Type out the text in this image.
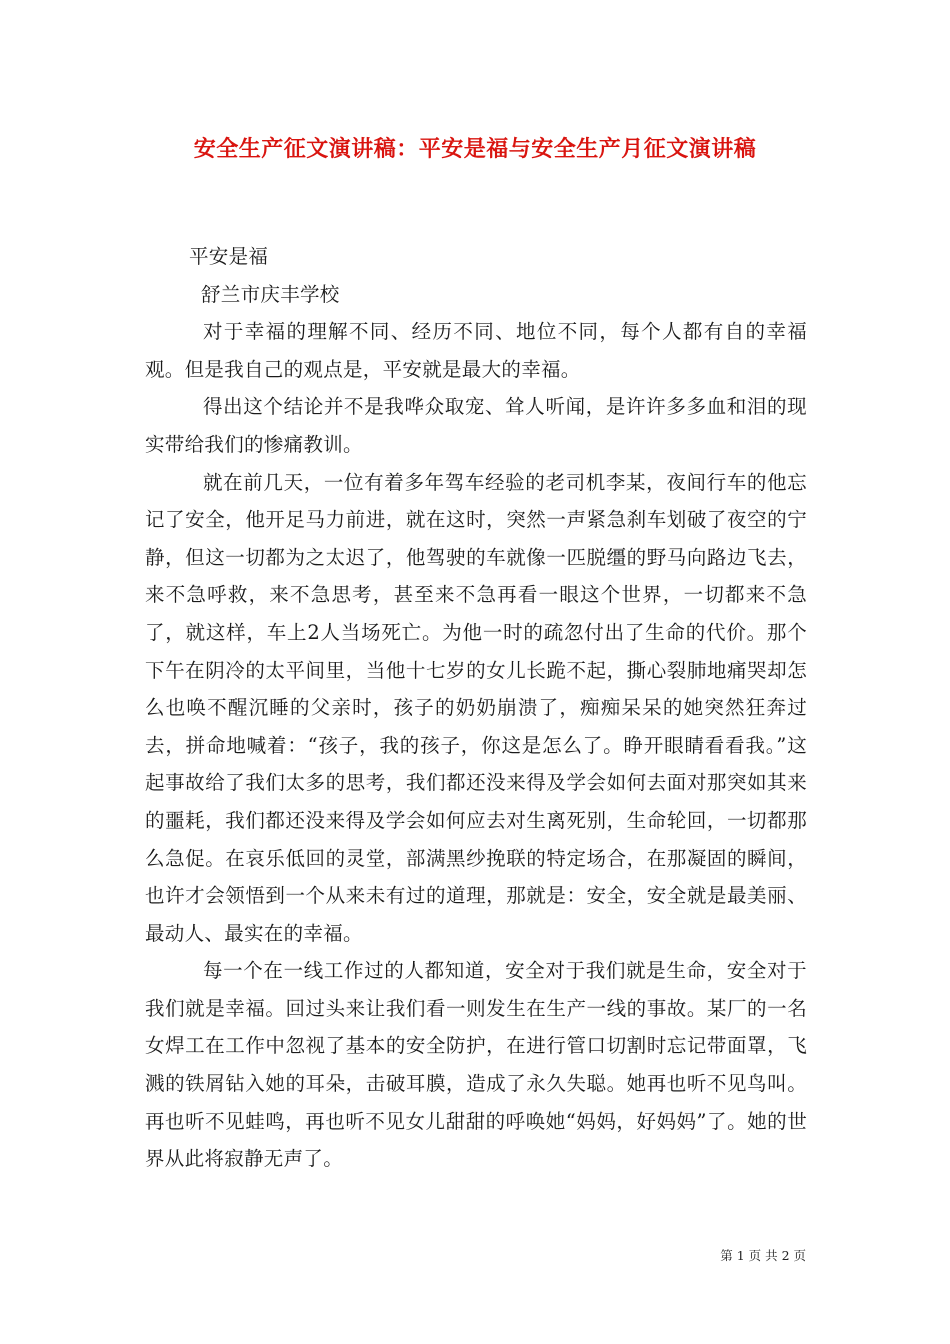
安全生产征文演讲稿：平安是福与安全生产月征文演讲稿

平安是福

舒兰市庆丰学校

对于幸福的理解不同、经历不同、地位不同，每个人都有自的幸福观。但是我自己的观点是，平安就是最大的幸福。

得出这个结论并不是我哗众取宠、耸人听闻，是许许多多血和泪的现实带给我们的惨痛教训。

就在前几天，一位有着多年驾车经验的老司机李某，夜间行车的他忘记了安全，他开足马力前进，就在这时，突然一声紧急刹车划破了夜空的宁静，但这一切都为之太迟了，他驾驶的车就像一匹脱缰的野马向路边飞去，来不急呼救，来不急思考，甚至来不急再看一眼这个世界，一切都来不急了，就这样，车上2人当场死亡。为他一时的疏忽付出了生命的代价。那个下午在阴冷的太平间里，当他十七岁的女儿长跪不起，撕心裂肺地痛哭却怎么也唤不醒沉睡的父亲时，孩子的奶奶崩溃了，痴痴呆呆的她突然狂奔过去，拼命地喊着：“孩子，我的孩子，你这是怎么了。睁开眼睛看看我。”这起事故给了我们太多的思考，我们都还没来得及学会如何去面对那突如其来的噩耗，我们都还没来得及学会如何应去对生离死别，生命轮回，一切都那么急促。在哀乐低回的灵堂，部满黑纱挽联的特定场合，在那凝固的瞬间，也许才会领悟到一个从来未有过的道理，那就是：安全，安全就是最美丽、最动人、最实在的幸福。

每一个在一线工作过的人都知道，安全对于我们就是生命，安全对于我们就是幸福。回过头来让我们看一则发生在生产一线的事故。某厂的一名女焊工在工作中忽视了基本的安全防护，在进行管口切割时忘记带面罩，飞溅的铁屑钻入她的耳朵，击破耳膜，造成了永久失聪。她再也听不见鸟叫。再也听不见蛙鸣，再也听不见女儿甜甜的呼唤她“妈妈，好妈妈”了。她的世界从此将寂静无声了。

第 1 页 共 2 页
